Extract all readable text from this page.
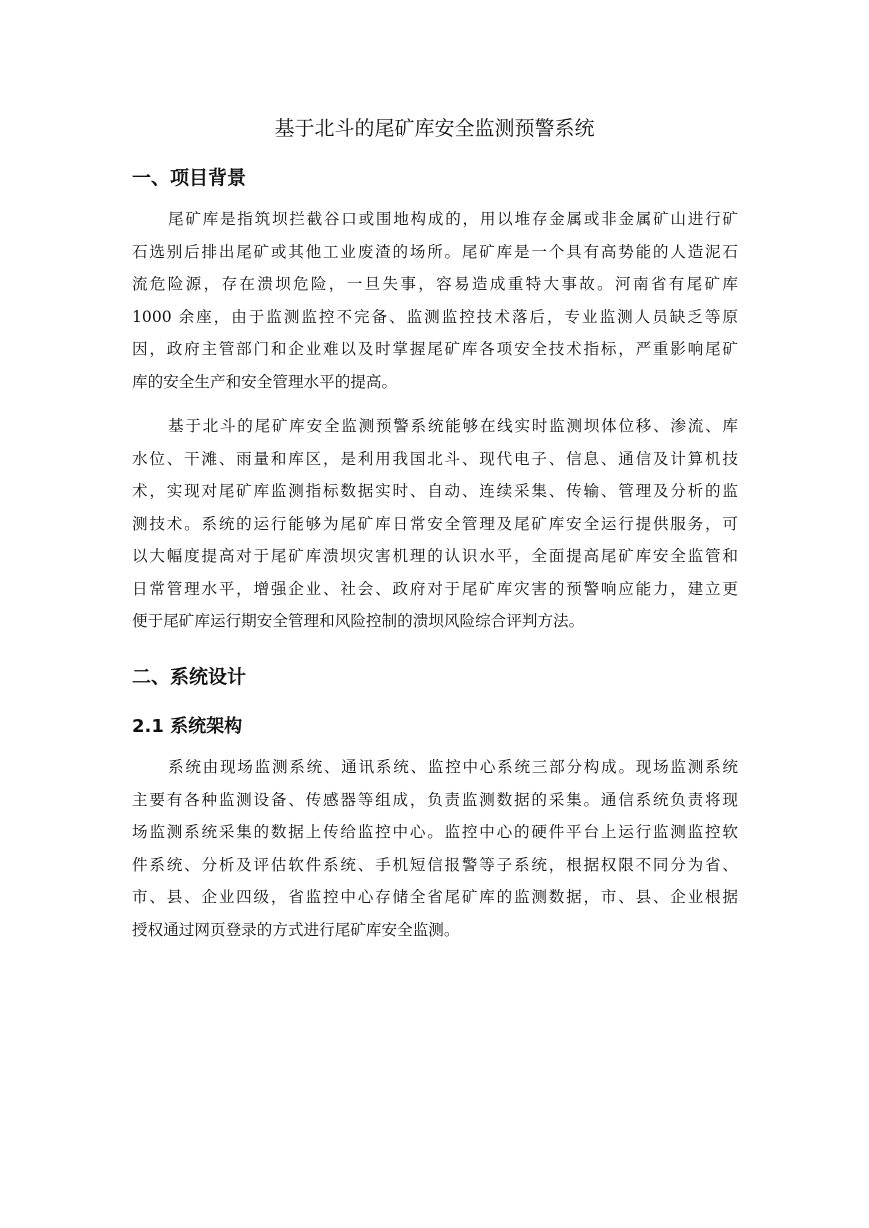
基于北斗的尾矿库安全监测预警系统
一、项目背景
尾矿库是指筑坝拦截谷口或围地构成的，用以堆存金属或非金属矿山进行矿
石选别后排出尾矿或其他工业废渣的场所。尾矿库是一个具有高势能的人造泥石
流危险源，存在溃坝危险，一旦失事，容易造成重特大事故。河南省有尾矿库
1000 余座，由于监测监控不完备、监测监控技术落后，专业监测人员缺乏等原
因，政府主管部门和企业难以及时掌握尾矿库各项安全技术指标，严重影响尾矿
库的安全生产和安全管理水平的提高。
基于北斗的尾矿库安全监测预警系统能够在线实时监测坝体位移、渗流、库
水位、干滩、雨量和库区，是利用我国北斗、现代电子、信息、通信及计算机技
术，实现对尾矿库监测指标数据实时、自动、连续采集、传输、管理及分析的监
测技术。系统的运行能够为尾矿库日常安全管理及尾矿库安全运行提供服务，可
以大幅度提高对于尾矿库溃坝灾害机理的认识水平，全面提高尾矿库安全监管和
日常管理水平，增强企业、社会、政府对于尾矿库灾害的预警响应能力，建立更
便于尾矿库运行期安全管理和风险控制的溃坝风险综合评判方法。
二、系统设计
2.1 系统架构
系统由现场监测系统、通讯系统、监控中心系统三部分构成。现场监测系统
主要有各种监测设备、传感器等组成，负责监测数据的采集。通信系统负责将现
场监测系统采集的数据上传给监控中心。监控中心的硬件平台上运行监测监控软
件系统、分析及评估软件系统、手机短信报警等子系统，根据权限不同分为省、
市、县、企业四级，省监控中心存储全省尾矿库的监测数据，市、县、企业根据
授权通过网页登录的方式进行尾矿库安全监测。
